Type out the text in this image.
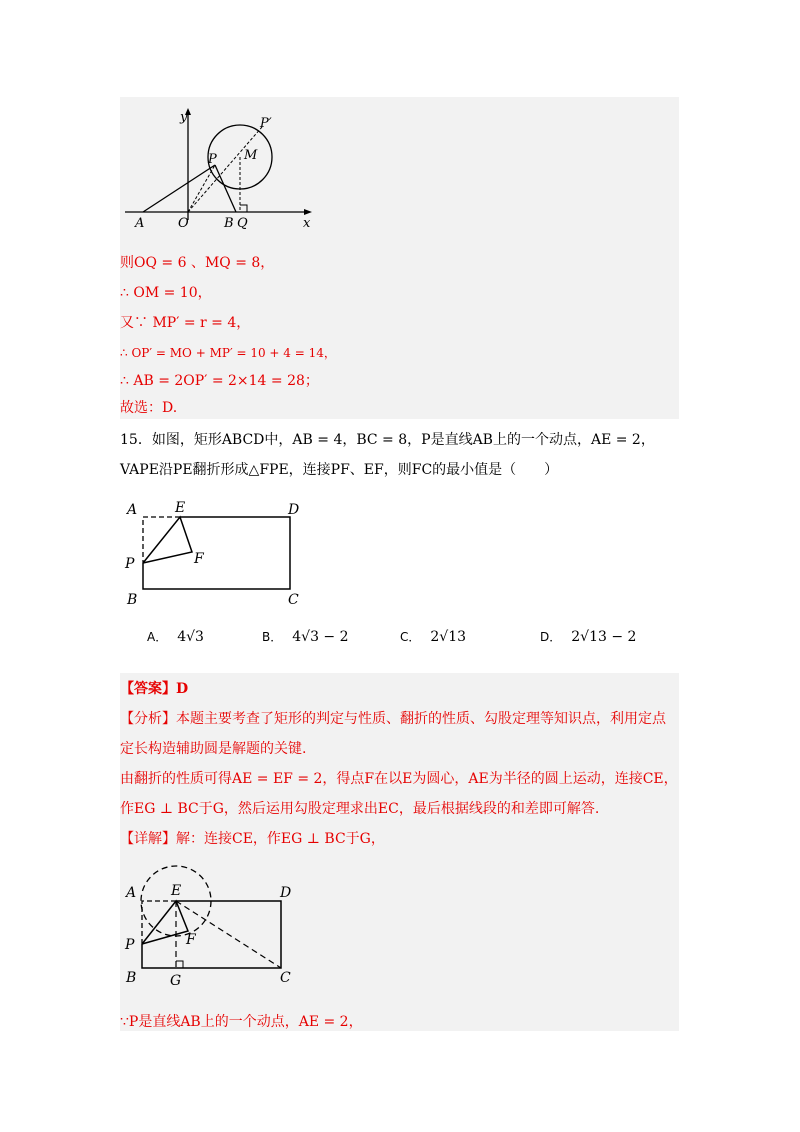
y
x
P
P′
M
A	O	B Q
则OQ = 6 、MQ = 8，
∴ OM = 10，
又∵ MP′ = r = 4，
∴ OP′ = MO + MP′ = 10 + 4 = 14，
∴ AB = 2OP′ = 2×14 = 28；
故选：D.
15．如图，矩形ABCD中，AB = 4，BC = 8，P是直线AB上的一个动点，AE = 2，
VAPE沿PE翻折形成△FPE，连接PF、EF，则FC的最小值是（　　）
A	E	D
P	F
B	C
A． 4√3	B． 4√3 − 2	C． 2√13	D． 2√13 − 2
【答案】D
【分析】本题主要考查了矩形的判定与性质、翻折的性质、勾股定理等知识点，利用定点
定长构造辅助圆是解题的关键.
由翻折的性质可得AE = EF = 2，得点F在以E为圆心，AE为半径的圆上运动，连接CE，
作EG ⊥ BC于G，然后运用勾股定理求出EC，最后根据线段的和差即可解答.
【详解】解：连接CE，作EG ⊥ BC于G，
A E	D
P	F
B G	C
∵P是直线AB上的一个动点，AE = 2，
